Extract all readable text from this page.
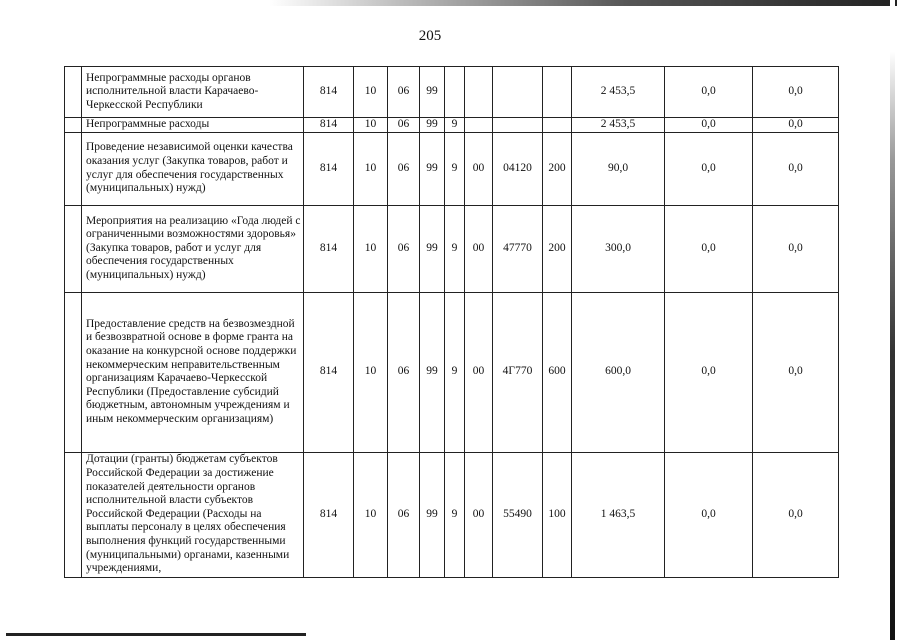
205
	Непрограммные расходы органов исполнительной власти Карачаево-Черкесской Республики	814	10	06	99					2 453,5	0,0	0,0
	Непрограммные расходы	814	10	06	99	9				2 453,5	0,0	0,0
	Проведение независимой оценки качества оказания услуг (Закупка товаров, работ и услуг для обеспечения государственных (муниципальных) нужд)	814	10	06	99	9	00	04120	200	90,0	0,0	0,0
	Мероприятия на реализацию «Года людей с ограниченными возможностями здоровья» (Закупка товаров, работ и услуг для обеспечения государственных (муниципальных) нужд)	814	10	06	99	9	00	47770	200	300,0	0,0	0,0
	Предоставление средств на безвозмездной и безвозвратной основе в форме гранта на оказание на конкурсной основе поддержки некоммерческим неправительственным организациям Карачаево-Черкесской Республики (Предоставление субсидий бюджетным, автономным учреждениям и иным некоммерческим организациям)	814	10	06	99	9	00	4Г770	600	600,0	0,0	0,0
	Дотации (гранты) бюджетам субъектов Российской Федерации за достижение показателей деятельности органов исполнительной власти субъектов Российской Федерации (Расходы на выплаты персоналу в целях обеспечения выполнения функций государственными (муниципальными) органами, казенными учреждениями,	814	10	06	99	9	00	55490	100	1 463,5	0,0	0,0
